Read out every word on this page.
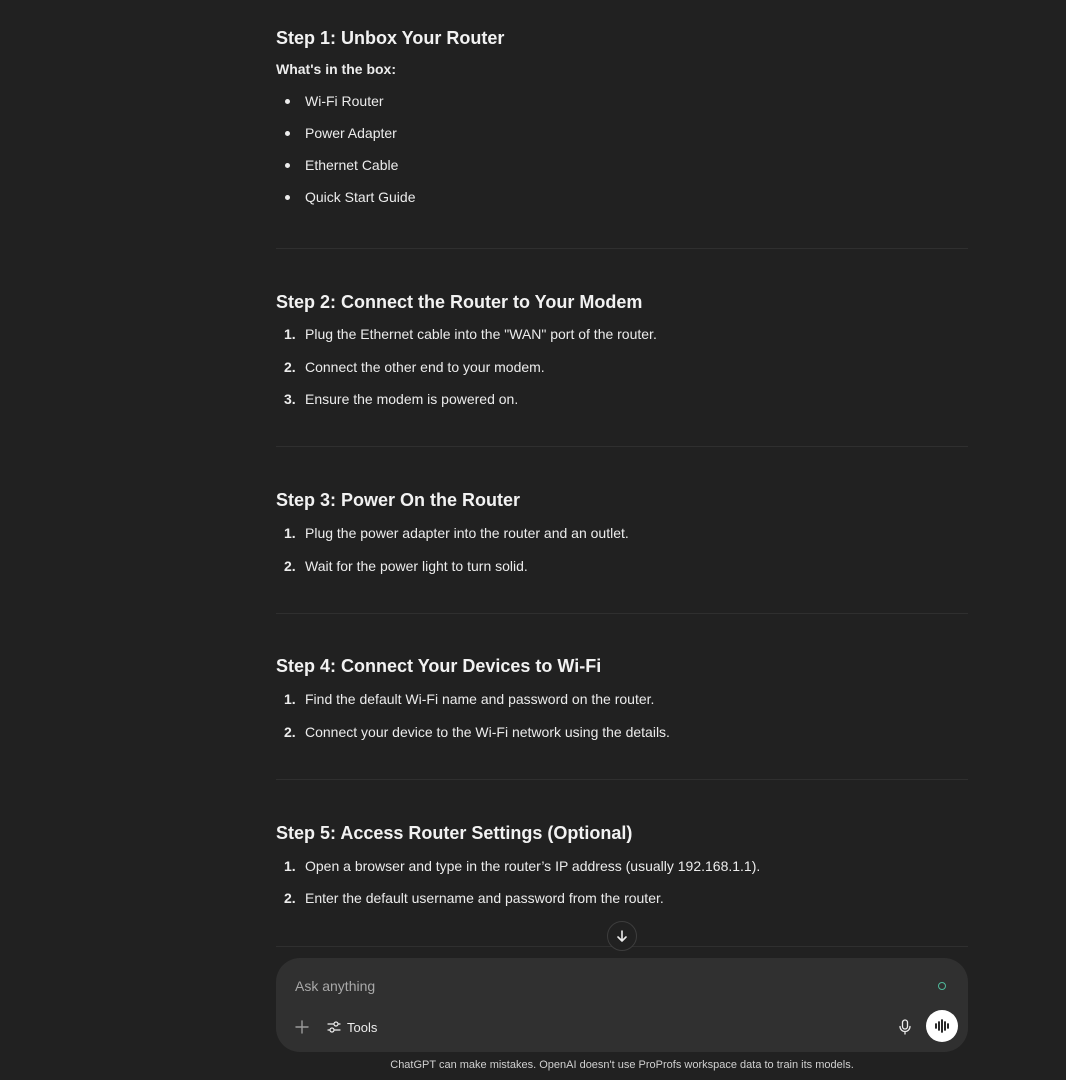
Step 1: Unbox Your Router
What's in the box:
Wi-Fi Router
Power Adapter
Ethernet Cable
Quick Start Guide
Step 2: Connect the Router to Your Modem
1. Plug the Ethernet cable into the "WAN" port of the router.
2. Connect the other end to your modem.
3. Ensure the modem is powered on.
Step 3: Power On the Router
1. Plug the power adapter into the router and an outlet.
2. Wait for the power light to turn solid.
Step 4: Connect Your Devices to Wi-Fi
1. Find the default Wi-Fi name and password on the router.
2. Connect your device to the Wi-Fi network using the details.
Step 5: Access Router Settings (Optional)
1. Open a browser and type in the router’s IP address (usually 192.168.1.1).
2. Enter the default username and password from the router.
Ask anything
Tools
ChatGPT can make mistakes. OpenAI doesn't use ProProfs workspace data to train its models.
